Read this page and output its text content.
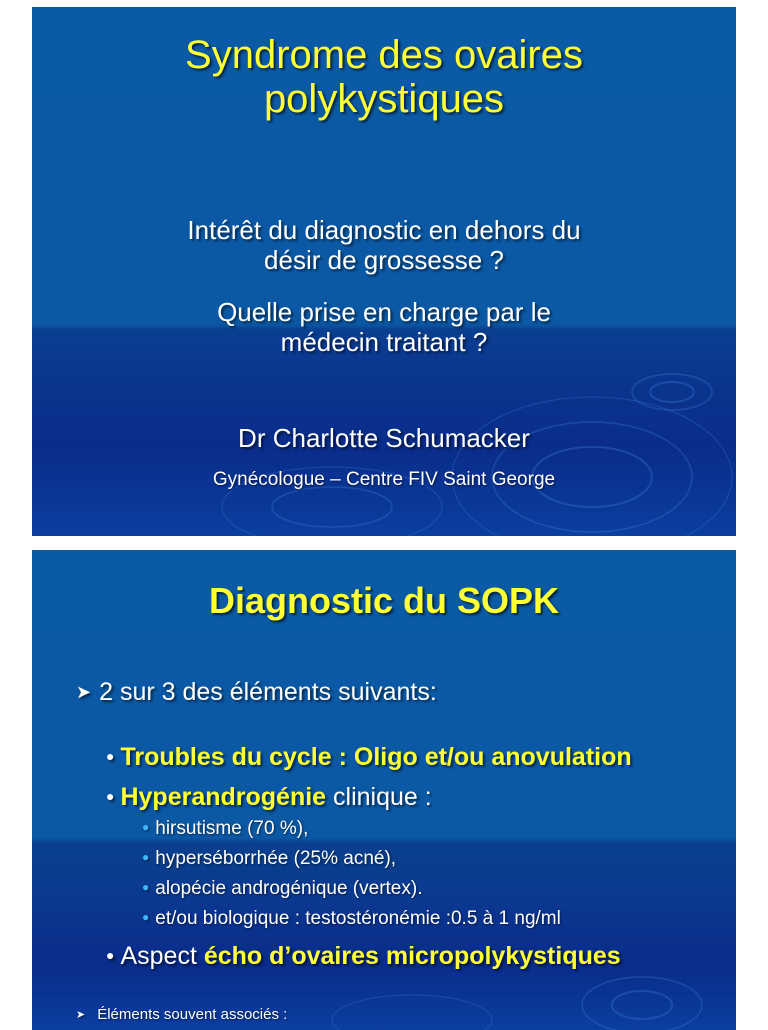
Syndrome des ovaires
polykystiques
Intérêt du diagnostic en dehors du
désir de grossesse ?
Quelle prise en charge par le
médecin traitant ?
Dr Charlotte Schumacker
Gynécologue – Centre FIV Saint George
Diagnostic du SOPK
➤ 2 sur 3 des éléments suivants:
● Troubles du cycle : Oligo et/ou anovulation
● Hyperandrogénie clinique :
● hirsutisme (70 %),
● hyperséborrhée (25% acné),
● alopécie androgénique (vertex).
● et/ou biologique : testostéronémie :0.5 à 1 ng/ml
● Aspect écho d’ovaires micropolykystiques
➤ Éléments souvent associés :
